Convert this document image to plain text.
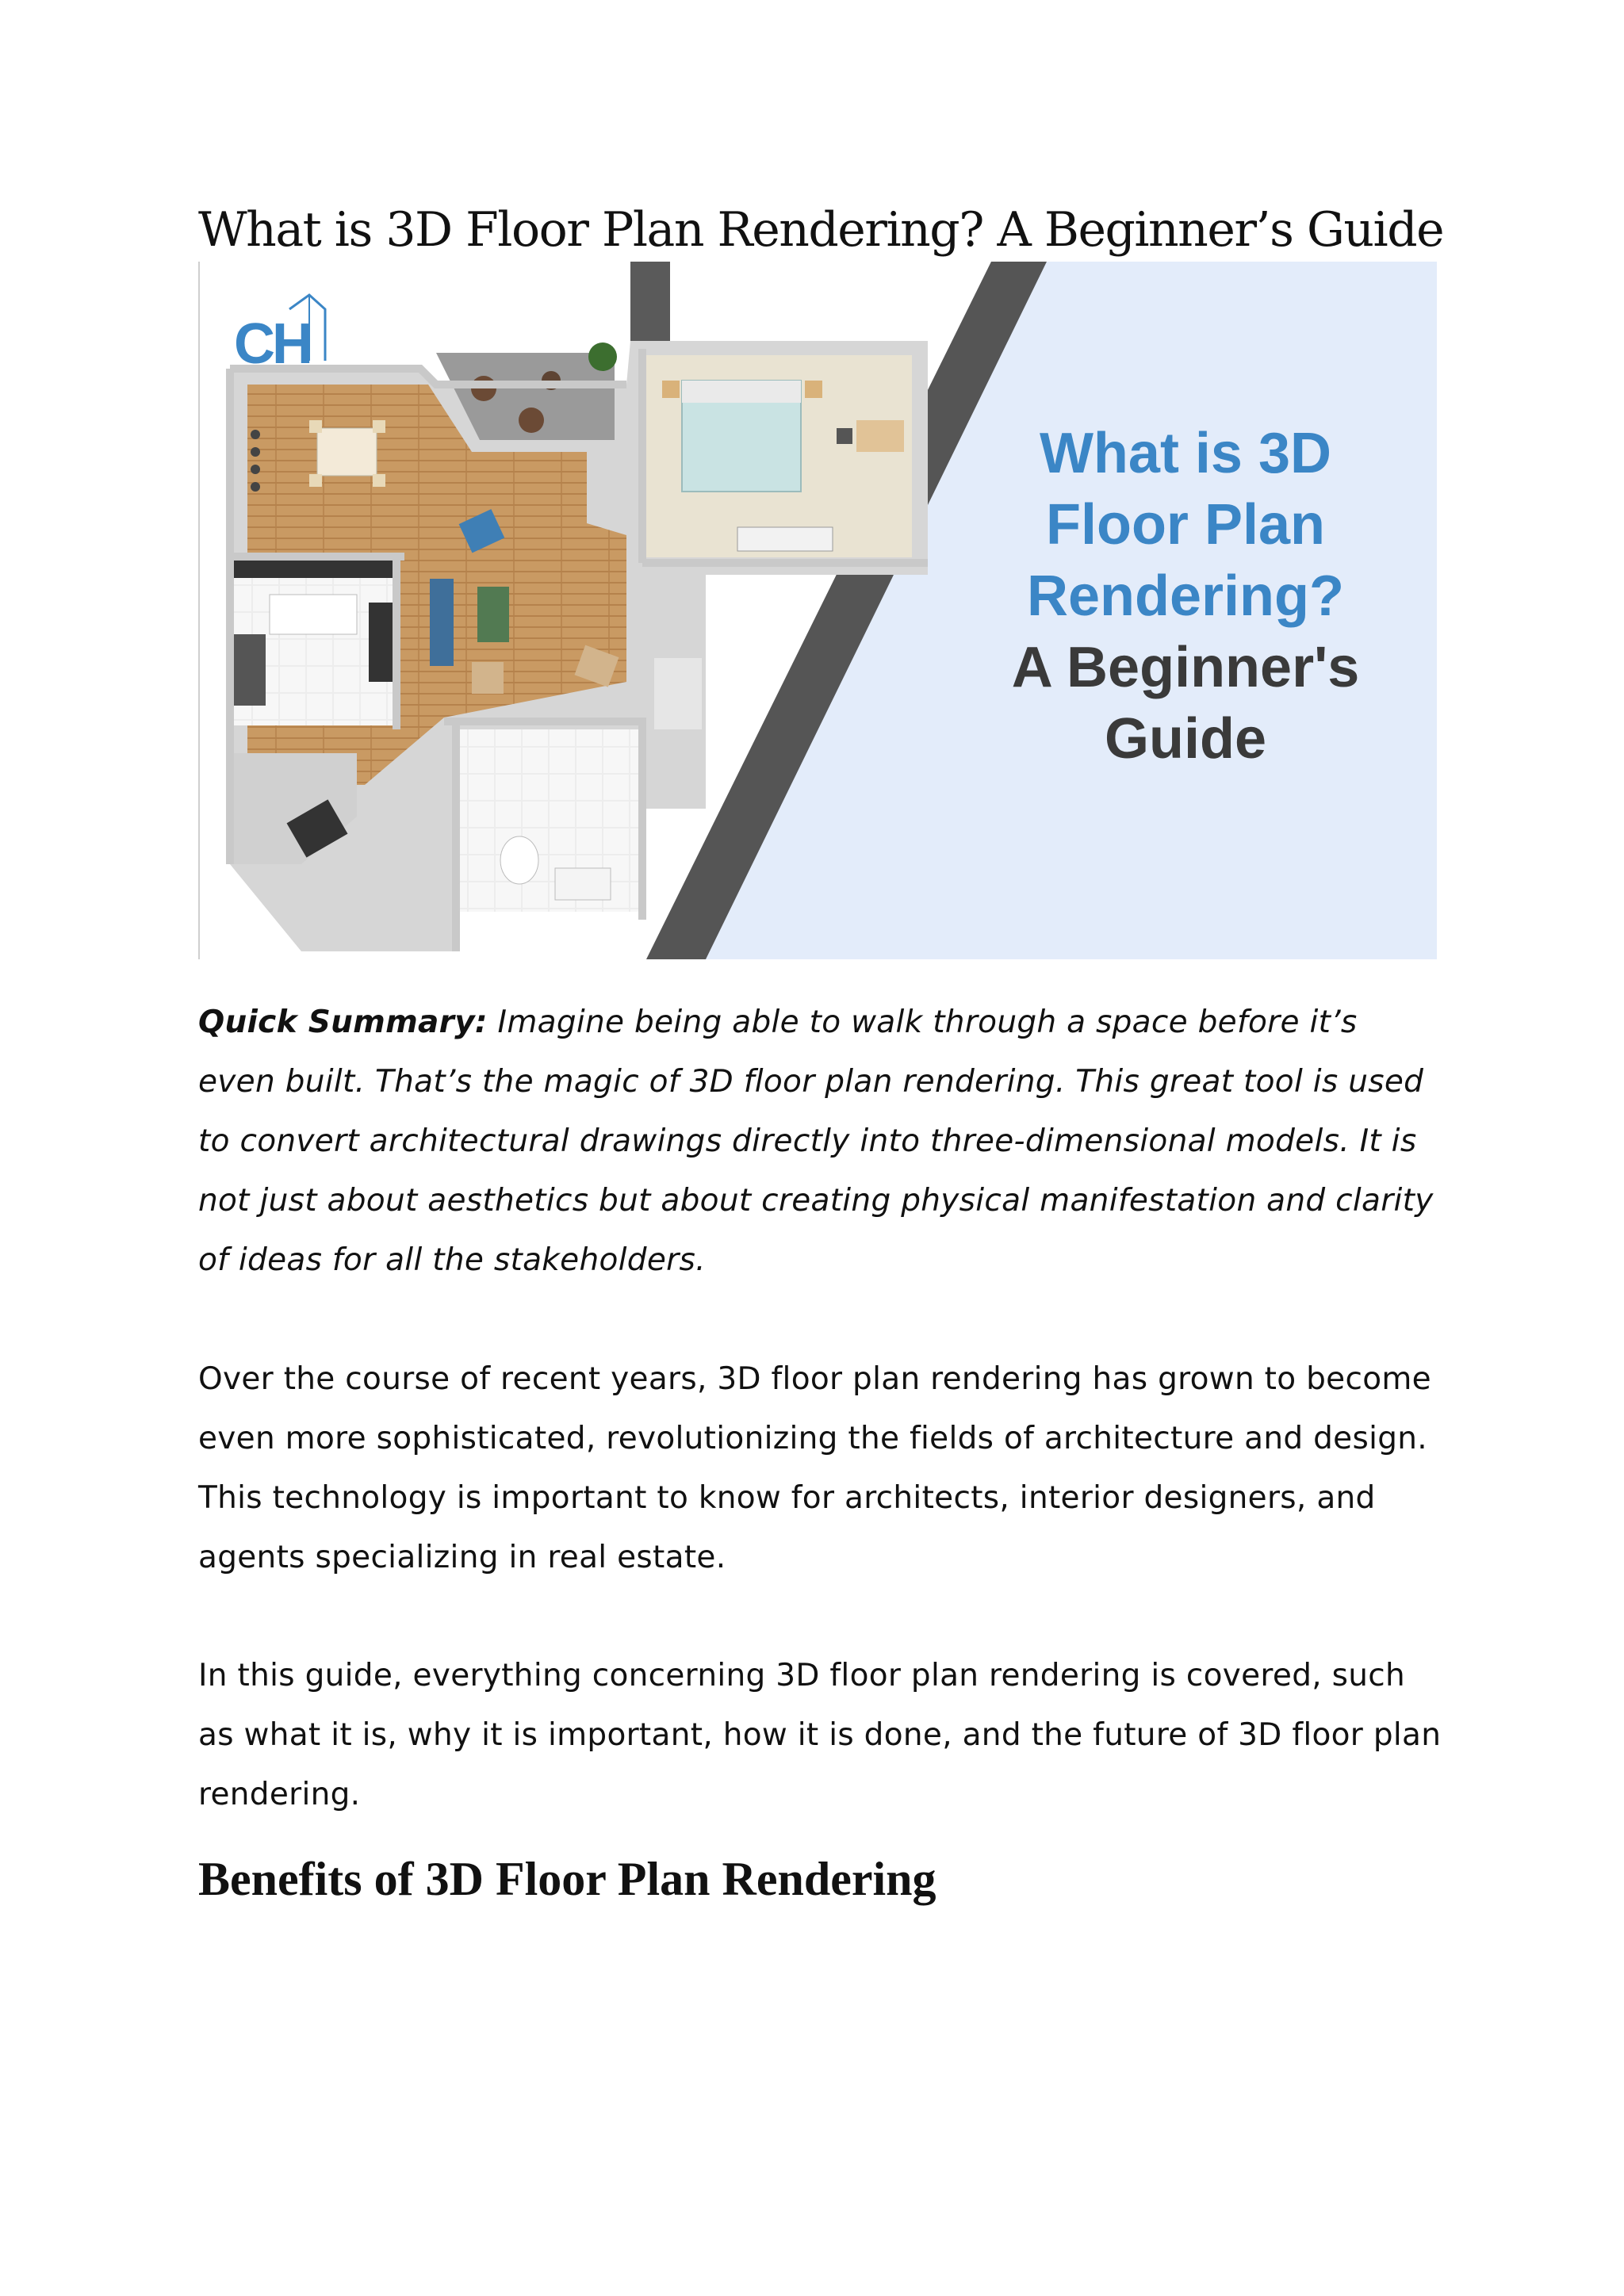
What is 3D Floor Plan Rendering? A Beginner’s Guide
CH
What is 3D
Floor Plan
Rendering?
A Beginner's
Guide

Quick Summary: Imagine being able to walk through a space before it’s even built. That’s the magic of 3D floor plan rendering. This great tool is used to convert architectural drawings directly into three-dimensional models. It is not just about aesthetics but about creating physical manifestation and clarity of ideas for all the stakeholders.

Over the course of recent years, 3D floor plan rendering has grown to become even more sophisticated, revolutionizing the fields of architecture and design. This technology is important to know for architects, interior designers, and agents specializing in real estate.

In this guide, everything concerning 3D floor plan rendering is covered, such as what it is, why it is important, how it is done, and the future of 3D floor plan rendering.

Benefits of 3D Floor Plan Rendering
